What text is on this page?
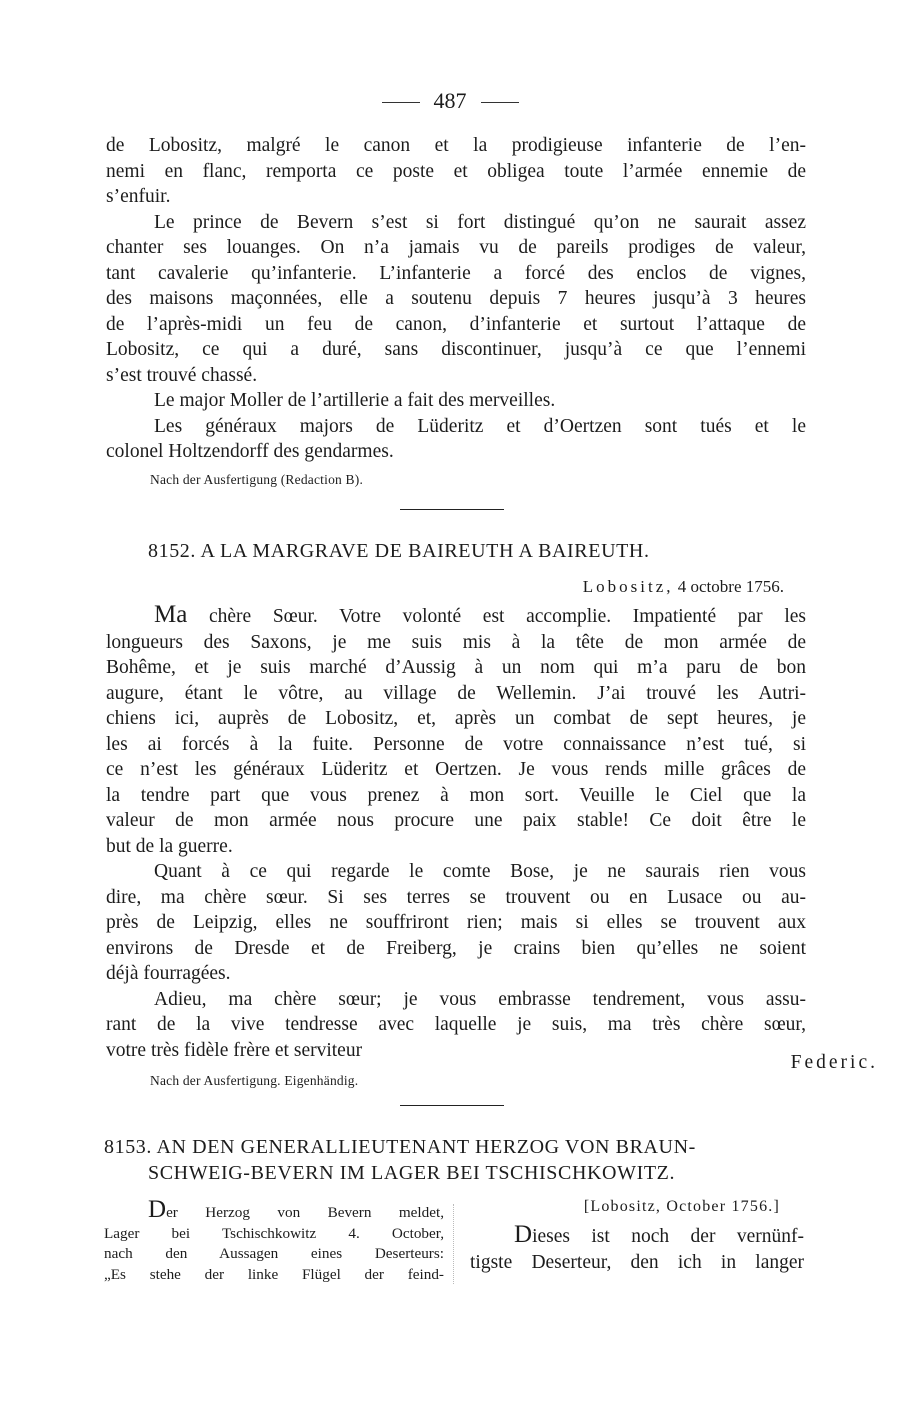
487

de Lobositz, malgré le canon et la prodigieuse infanterie de l’en-
nemi en flanc, remporta ce poste et obligea toute l’armée ennemie de
s’enfuir.

Le prince de Bevern s’est si fort distingué qu’on ne saurait assez
chanter ses louanges. On n’a jamais vu de pareils prodiges de valeur,
tant cavalerie qu’infanterie. L’infanterie a forcé des enclos de vignes,
des maisons maçonnées, elle a soutenu depuis 7 heures jusqu’à 3 heures
de l’après-midi un feu de canon, d’infanterie et surtout l’attaque de
Lobositz, ce qui a duré, sans discontinuer, jusqu’à ce que l’ennemi
s’est trouvé chassé.

Le major Moller de l’artillerie a fait des merveilles.

Les généraux majors de Lüderitz et d’Oertzen sont tués et le
colonel Holtzendorff des gendarmes.

Nach der Ausfertigung (Redaction B).

8152. A LA MARGRAVE DE BAIREUTH A BAIREUTH.

Lobositz, 4 octobre 1756.

Ma chère Sœur. Votre volonté est accomplie. Impatienté par les
longueurs des Saxons, je me suis mis à la tête de mon armée de
Bohême, et je suis marché d’Aussig à un nom qui m’a paru de bon
augure, étant le vôtre, au village de Wellemin. J’ai trouvé les Autri-
chiens ici, auprès de Lobositz, et, après un combat de sept heures, je
les ai forcés à la fuite. Personne de votre connaissance n’est tué, si
ce n’est les généraux Lüderitz et Oertzen. Je vous rends mille grâces de
la tendre part que vous prenez à mon sort. Veuille le Ciel que la
valeur de mon armée nous procure une paix stable! Ce doit être le
but de la guerre.

Quant à ce qui regarde le comte Bose, je ne saurais rien vous
dire, ma chère sœur. Si ses terres se trouvent ou en Lusace ou au-
près de Leipzig, elles ne souffriront rien; mais si elles se trouvent aux
environs de Dresde et de Freiberg, je crains bien qu’elles ne soient
déjà fourragées.

Adieu, ma chère sœur; je vous embrasse tendrement, vous assu-
rant de la vive tendresse avec laquelle je suis, ma très chère sœur,
votre très fidèle frère et serviteur

Federic.

Nach der Ausfertigung. Eigenhändig.

8153. AN DEN GENERALLIEUTENANT HERZOG VON BRAUN-

SCHWEIG-BEVERN IM LAGER BEI TSCHISCHKOWITZ.

Der Herzog von Bevern meldet,
Lager bei Tschischkowitz 4. October,
nach den Aussagen eines Deserteurs:
„Es stehe der linke Flügel der feind-
[Lobositz, October 1756.]
Dieses ist noch der vernünf-
tigste Deserteur, den ich in langer
